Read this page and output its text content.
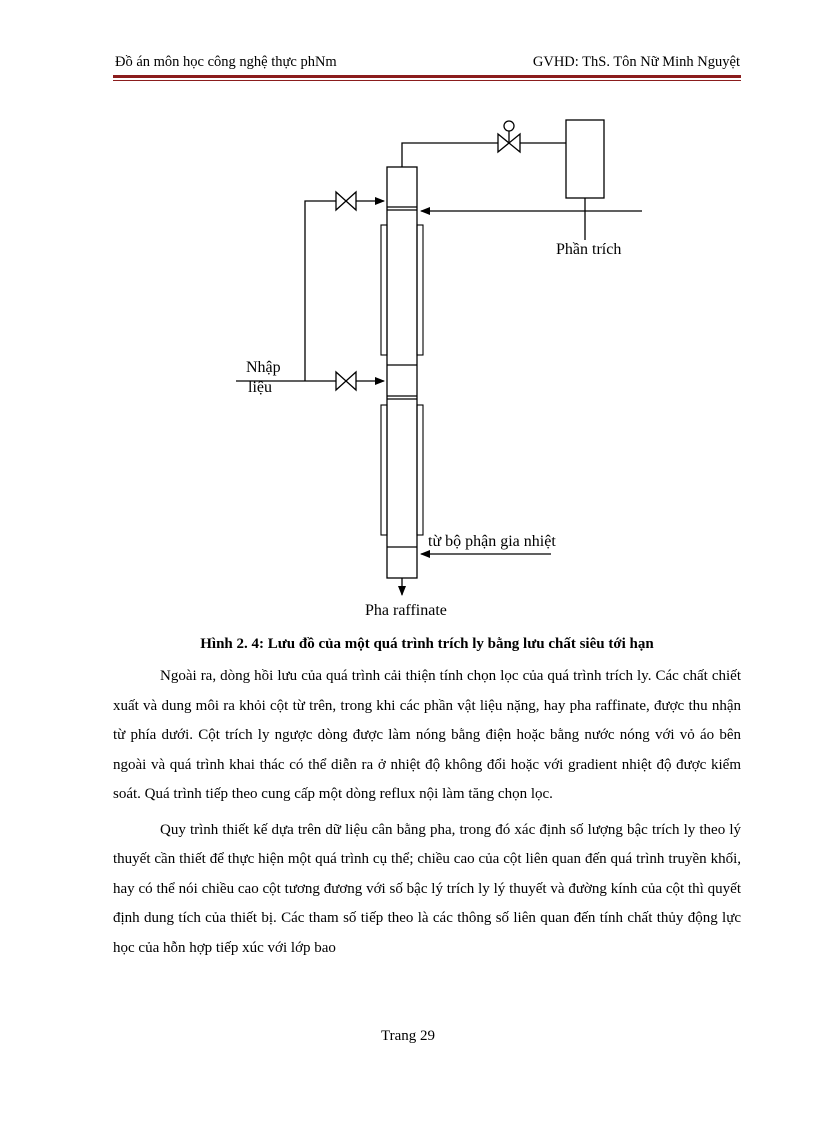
Đồ án môn học công nghệ thực phNm	GVHD: ThS. Tôn Nữ Minh Nguyệt
Phần trích
Nhập
liệu
từ bộ phận gia nhiệt
Pha raffinate
Hình 2. 4: Lưu đồ của một quá trình trích ly bằng lưu chất siêu tới hạn

Ngoài ra, dòng hồi lưu của quá trình cải thiện tính chọn lọc của quá trình trích ly. Các chất chiết xuất và dung môi ra khỏi cột từ trên, trong khi các phần vật liệu nặng, hay pha raffinate, được thu nhận từ phía dưới. Cột trích ly ngược dòng được làm nóng bằng điện hoặc bằng nước nóng với vỏ áo bên ngoài và quá trình khai thác có thể diễn ra ở nhiệt độ không đổi hoặc với gradient nhiệt độ được kiểm soát. Quá trình tiếp theo cung cấp một dòng reflux nội làm tăng chọn lọc.

Quy trình thiết kế dựa trên dữ liệu cân bằng pha, trong đó xác định số lượng bậc trích ly theo lý thuyết cần thiết để thực hiện một quá trình cụ thể; chiều cao của cột liên quan đến quá trình truyền khối, hay có thể nói chiều cao cột tương đương với số bậc lý trích ly lý thuyết và đường kính của cột thì quyết định dung tích của thiết bị. Các tham số tiếp theo là các thông số liên quan đến tính chất thủy động lực học của hỗn hợp tiếp xúc với lớp bao

Trang 29
